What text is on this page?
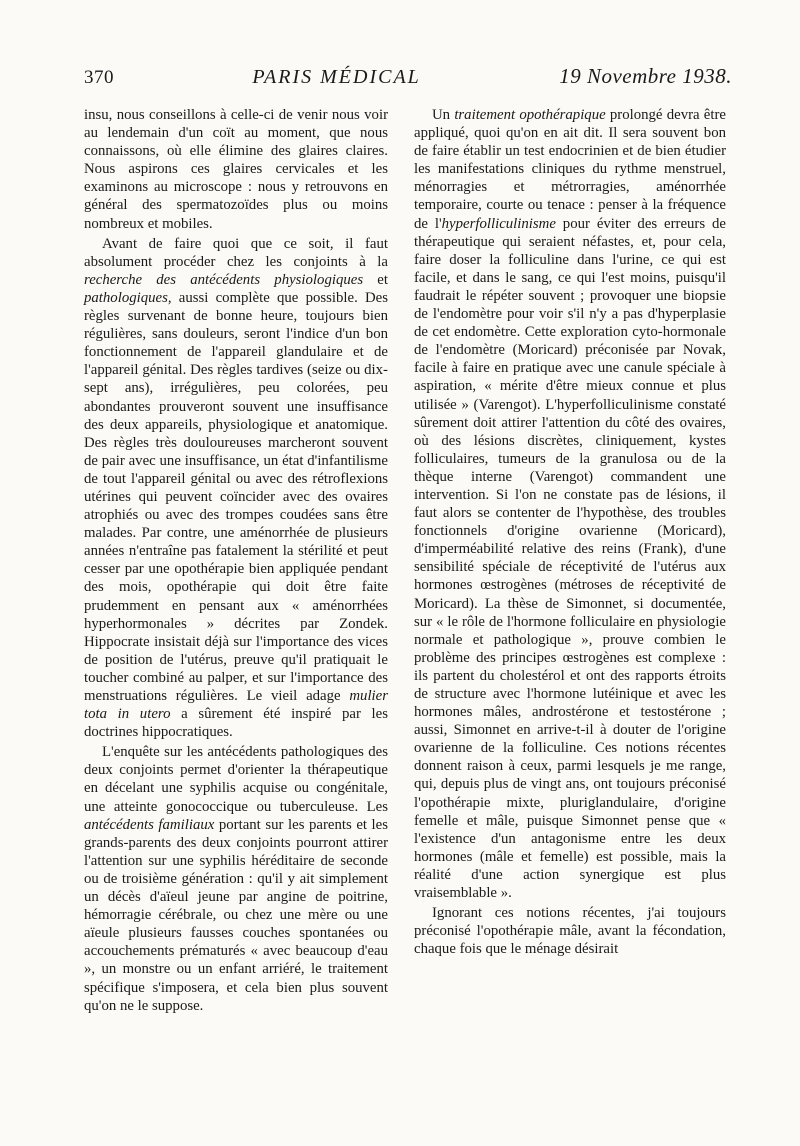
370	PARIS MÉDICAL	19 Novembre 1938.

insu, nous conseillons à celle-ci de venir nous voir au lendemain d'un coït au moment, que nous connaissons, où elle élimine des glaires claires. Nous aspirons ces glaires cervicales et les examinons au microscope : nous y retrouvons en général des spermatozoïdes plus ou moins nombreux et mobiles.

Avant de faire quoi que ce soit, il faut absolument procéder chez les conjoints à la recherche des antécédents physiologiques et pathologiques, aussi complète que possible. Des règles survenant de bonne heure, toujours bien régulières, sans douleurs, seront l'indice d'un bon fonctionnement de l'appareil glandulaire et de l'appareil génital. Des règles tardives (seize ou dix-sept ans), irrégulières, peu colorées, peu abondantes prouveront souvent une insuffisance des deux appareils, physiologique et anatomique. Des règles très douloureuses marcheront souvent de pair avec une insuffisance, un état d'infantilisme de tout l'appareil génital ou avec des rétroflexions utérines qui peuvent coïncider avec des ovaires atrophiés ou avec des trompes coudées sans être malades. Par contre, une aménorrhée de plusieurs années n'entraîne pas fatalement la stérilité et peut cesser par une opothérapie bien appliquée pendant des mois, opothérapie qui doit être faite prudemment en pensant aux « aménorrhées hyperhormonales » décrites par Zondek. Hippocrate insistait déjà sur l'importance des vices de position de l'utérus, preuve qu'il pratiquait le toucher combiné au palper, et sur l'importance des menstruations régulières. Le vieil adage mulier tota in utero a sûrement été inspiré par les doctrines hippocratiques.

L'enquête sur les antécédents pathologiques des deux conjoints permet d'orienter la thérapeutique en décelant une syphilis acquise ou congénitale, une atteinte gonococcique ou tuberculeuse. Les antécédents familiaux portant sur les parents et les grands-parents des deux conjoints pourront attirer l'attention sur une syphilis héréditaire de seconde ou de troisième génération : qu'il y ait simplement un décès d'aïeul jeune par angine de poitrine, hémorragie cérébrale, ou chez une mère ou une aïeule plusieurs fausses couches spontanées ou accouchements prématurés « avec beaucoup d'eau », un monstre ou un enfant arriéré, le traitement spécifique s'imposera, et cela bien plus souvent qu'on ne le suppose.

Un traitement opothérapique prolongé devra être appliqué, quoi qu'on en ait dit. Il sera souvent bon de faire établir un test endocrinien et de bien étudier les manifestations cliniques du rythme menstruel, ménorragies et métrorragies, aménorrhée temporaire, courte ou tenace : penser à la fréquence de l'hyperfolliculinisme pour éviter des erreurs de thérapeutique qui seraient néfastes, et, pour cela, faire doser la folliculine dans l'urine, ce qui est facile, et dans le sang, ce qui l'est moins, puisqu'il faudrait le répéter souvent ; provoquer une biopsie de l'endomètre pour voir s'il n'y a pas d'hyperplasie de cet endomètre. Cette exploration cyto-hormonale de l'endomètre (Moricard) préconisée par Novak, facile à faire en pratique avec une canule spéciale à aspiration, « mérite d'être mieux connue et plus utilisée » (Varengot). L'hyperfolliculinisme constaté sûrement doit attirer l'attention du côté des ovaires, où des lésions discrètes, cliniquement, kystes folliculaires, tumeurs de la granulosa ou de la thèque interne (Varengot) commandent une intervention. Si l'on ne constate pas de lésions, il faut alors se contenter de l'hypothèse, des troubles fonctionnels d'origine ovarienne (Moricard), d'imperméabilité relative des reins (Frank), d'une sensibilité spéciale de réceptivité de l'utérus aux hormones œstrogènes (métroses de réceptivité de Moricard). La thèse de Simonnet, si documentée, sur « le rôle de l'hormone folliculaire en physiologie normale et pathologique », prouve combien le problème des principes œstrogènes est complexe : ils partent du cholestérol et ont des rapports étroits de structure avec l'hormone lutéinique et avec les hormones mâles, androstérone et testostérone ; aussi, Simonnet en arrive-t-il à douter de l'origine ovarienne de la folliculine. Ces notions récentes donnent raison à ceux, parmi lesquels je me range, qui, depuis plus de vingt ans, ont toujours préconisé l'opothérapie mixte, pluriglandulaire, d'origine femelle et mâle, puisque Simonnet pense que « l'existence d'un antagonisme entre les deux hormones (mâle et femelle) est possible, mais la réalité d'une action synergique est plus vraisemblable ».

Ignorant ces notions récentes, j'ai toujours préconisé l'opothérapie mâle, avant la fécondation, chaque fois que le ménage désirait
